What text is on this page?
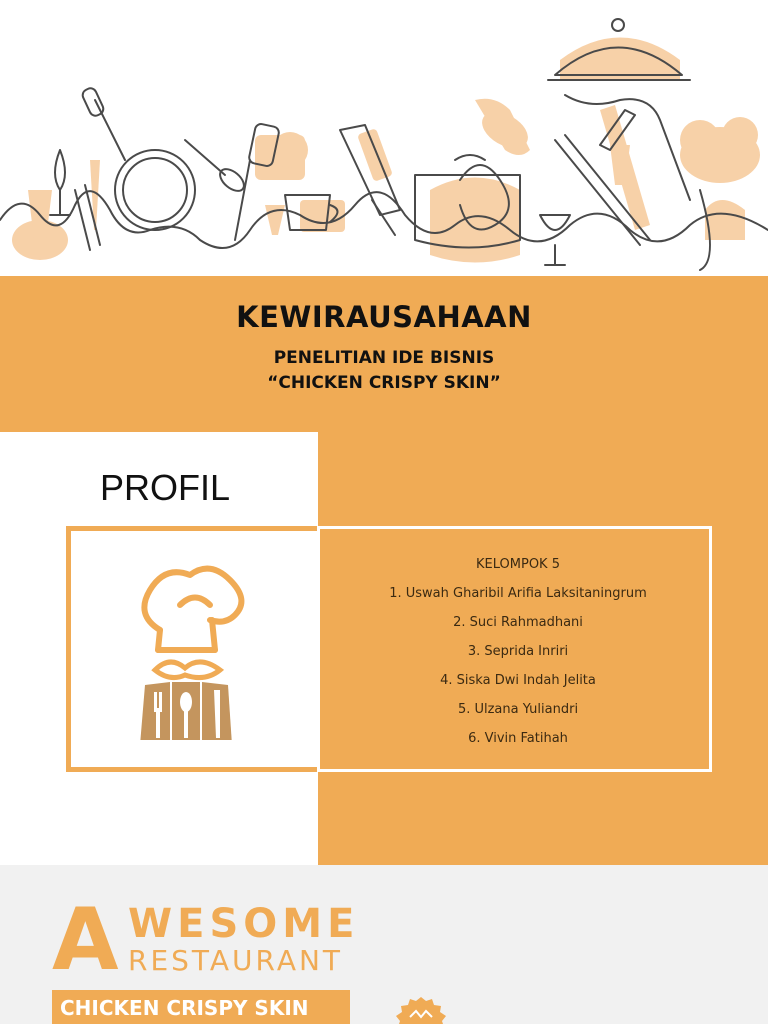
KEWIRAUSAHAAN
PENELITIAN IDE BISNIS
“CHICKEN CRISPY SKIN”
PROFIL
KELOMPOK 5
1. Uswah Gharibil Arifia Laksitaningrum
2. Suci Rahmadhani
3. Seprida Inriri
4. Siska Dwi Indah Jelita
5. Ulzana Yuliandri
6. Vivin Fatihah
A WESOME
RESTAURANT
CHICKEN CRISPY SKIN
